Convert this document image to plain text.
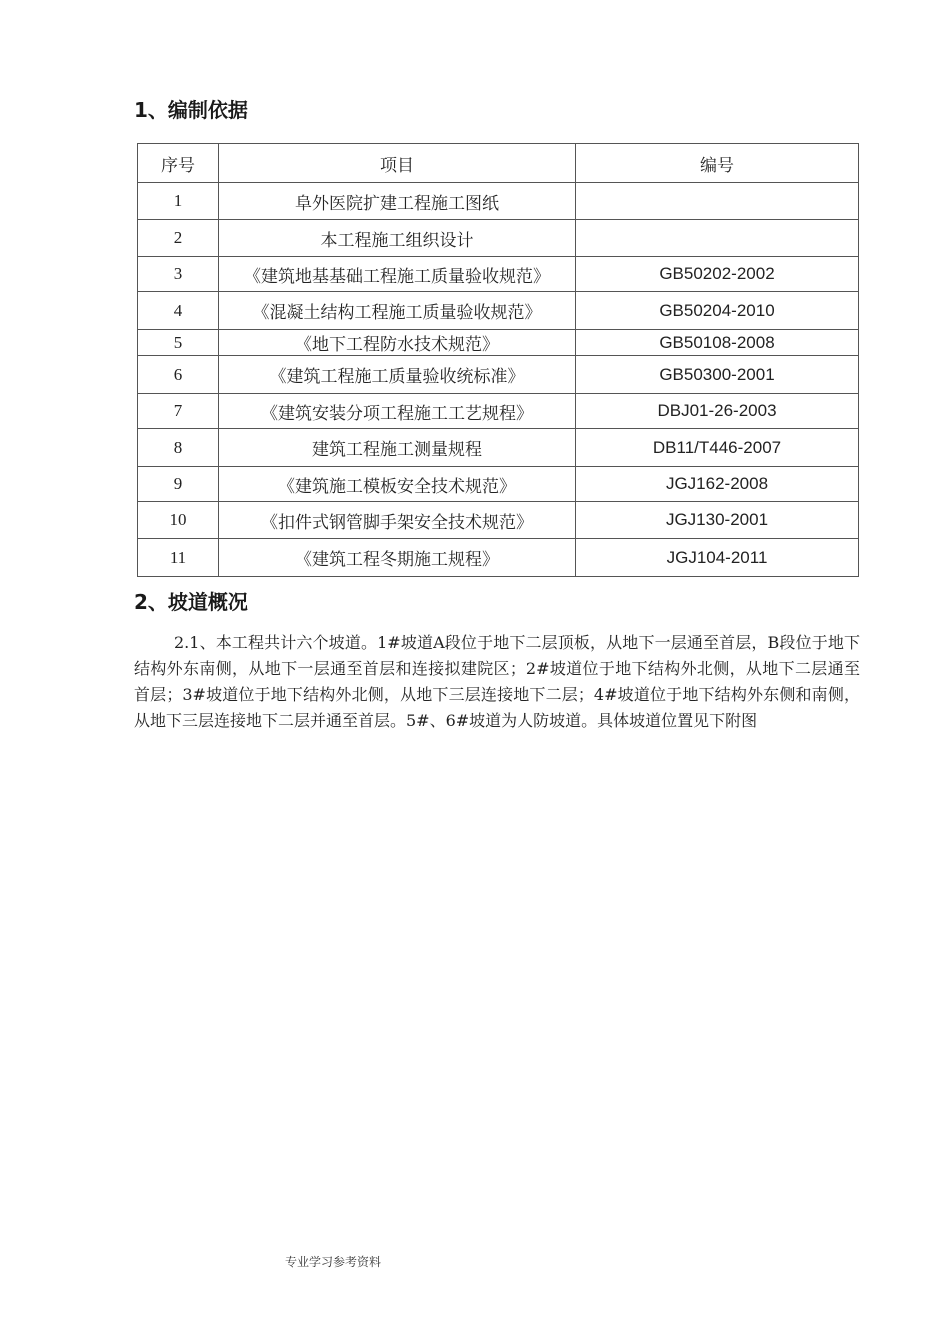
1、编制依据
序号	项目	编号
1	阜外医院扩建工程施工图纸	
2	本工程施工组织设计	
3	《建筑地基基础工程施工质量验收规范》	GB50202-2002
4	《混凝土结构工程施工质量验收规范》	GB50204-2010
5	《地下工程防水技术规范》	GB50108-2008
6	《建筑工程施工质量验收统标准》	GB50300-2001
7	《建筑安装分项工程施工工艺规程》	DBJ01-26-2003
8	建筑工程施工测量规程	DB11/T446-2007
9	《建筑施工模板安全技术规范》	JGJ162-2008
10	《扣件式钢管脚手架安全技术规范》	JGJ130-2001
11	《建筑工程冬期施工规程》	JGJ104-2011
2、坡道概况

2.1、本工程共计六个坡道。1#坡道A段位于地下二层顶板，从地下一层通至首层，B段位于地下结构外东南侧，从地下一层通至首层和连接拟建院区；2#坡道位于地下结构外北侧，从地下二层通至首层；3#坡道位于地下结构外北侧，从地下三层连接地下二层；4#坡道位于地下结构外东侧和南侧，从地下三层连接地下二层并通至首层。5#、6#坡道为人防坡道。具体坡道位置见下附图

专业学习参考资料
